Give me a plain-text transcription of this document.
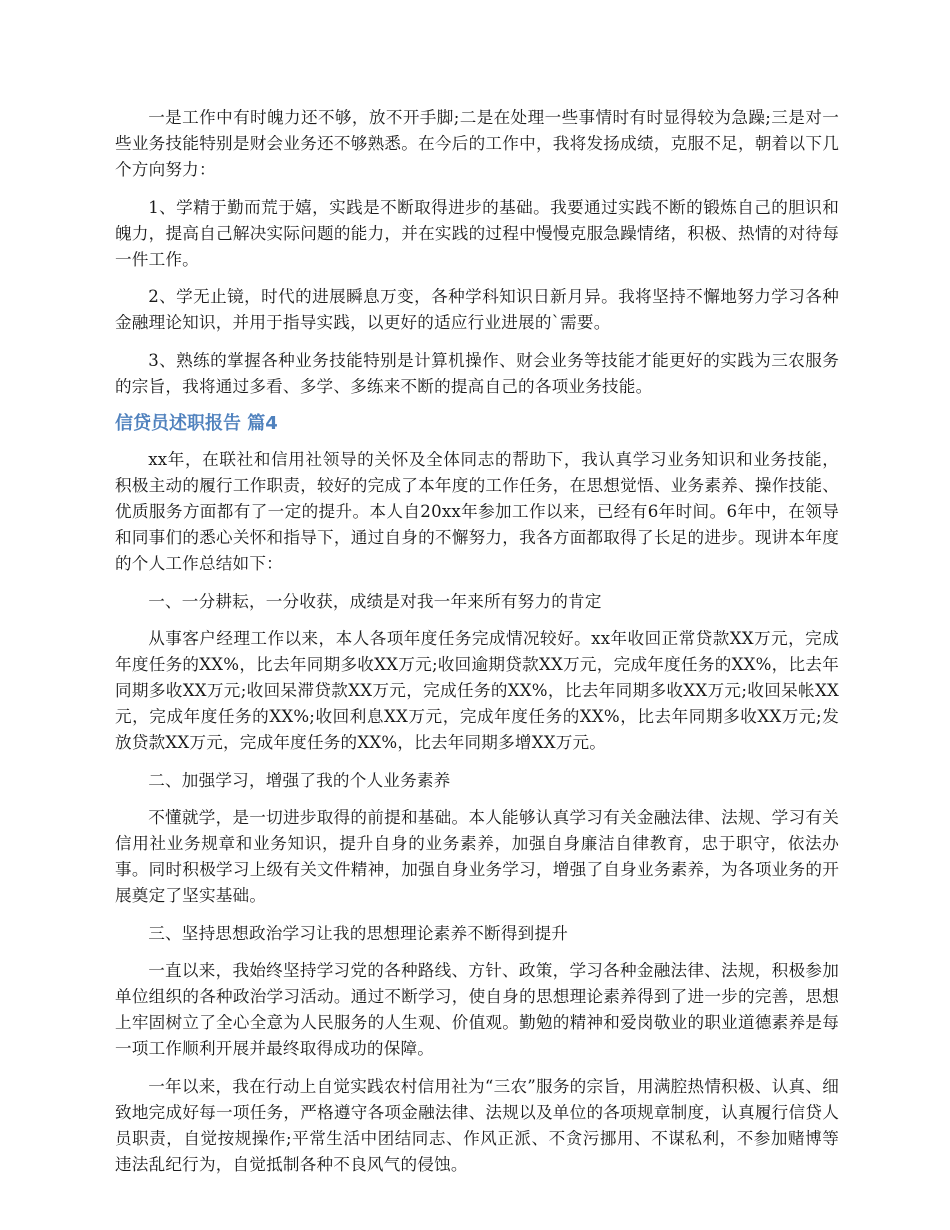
一是工作中有时魄力还不够，放不开手脚;二是在处理一些事情时有时显得较为急躁;三是对一些业务技能特别是财会业务还不够熟悉。在今后的工作中，我将发扬成绩，克服不足，朝着以下几个方向努力：

1、学精于勤而荒于嬉，实践是不断取得进步的基础。我要通过实践不断的锻炼自己的胆识和魄力，提高自己解决实际问题的能力，并在实践的过程中慢慢克服急躁情绪，积极、热情的对待每一件工作。

2、学无止镜，时代的进展瞬息万变，各种学科知识日新月异。我将坚持不懈地努力学习各种金融理论知识，并用于指导实践，以更好的适应行业进展的`需要。

3、熟练的掌握各种业务技能特别是计算机操作、财会业务等技能才能更好的实践为三农服务的宗旨，我将通过多看、多学、多练来不断的提高自己的各项业务技能。

信贷员述职报告 篇4

xx年，在联社和信用社领导的关怀及全体同志的帮助下，我认真学习业务知识和业务技能，积极主动的履行工作职责，较好的完成了本年度的工作任务，在思想觉悟、业务素养、操作技能、优质服务方面都有了一定的提升。本人自20xx年参加工作以来，已经有6年时间。6年中，在领导和同事们的悉心关怀和指导下，通过自身的不懈努力，我各方面都取得了长足的进步。现讲本年度的个人工作总结如下：

一、一分耕耘，一分收获，成绩是对我一年来所有努力的肯定

从事客户经理工作以来，本人各项年度任务完成情况较好。xx年收回正常贷款XX万元，完成年度任务的XX%，比去年同期多收XX万元;收回逾期贷款XX万元，完成年度任务的XX%，比去年同期多收XX万元;收回呆滞贷款XX万元，完成任务的XX%，比去年同期多收XX万元;收回呆帐XX元，完成年度任务的XX%;收回利息XX万元，完成年度任务的XX%，比去年同期多收XX万元;发放贷款XX万元，完成年度任务的XX%，比去年同期多增XX万元。

二、加强学习，增强了我的个人业务素养

不懂就学，是一切进步取得的前提和基础。本人能够认真学习有关金融法律、法规、学习有关信用社业务规章和业务知识，提升自身的业务素养，加强自身廉洁自律教育，忠于职守，依法办事。同时积极学习上级有关文件精神，加强自身业务学习，增强了自身业务素养，为各项业务的开展奠定了坚实基础。

三、坚持思想政治学习让我的思想理论素养不断得到提升

一直以来，我始终坚持学习党的各种路线、方针、政策，学习各种金融法律、法规，积极参加单位组织的各种政治学习活动。通过不断学习，使自身的思想理论素养得到了进一步的完善，思想上牢固树立了全心全意为人民服务的人生观、价值观。勤勉的精神和爱岗敬业的职业道德素养是每一项工作顺利开展并最终取得成功的保障。

一年以来，我在行动上自觉实践农村信用社为“三农”服务的宗旨，用满腔热情积极、认真、细致地完成好每一项任务，严格遵守各项金融法律、法规以及单位的各项规章制度，认真履行信贷人员职责，自觉按规操作;平常生活中团结同志、作风正派、不贪污挪用、不谋私利，不参加赌博等违法乱纪行为，自觉抵制各种不良风气的侵蚀。
